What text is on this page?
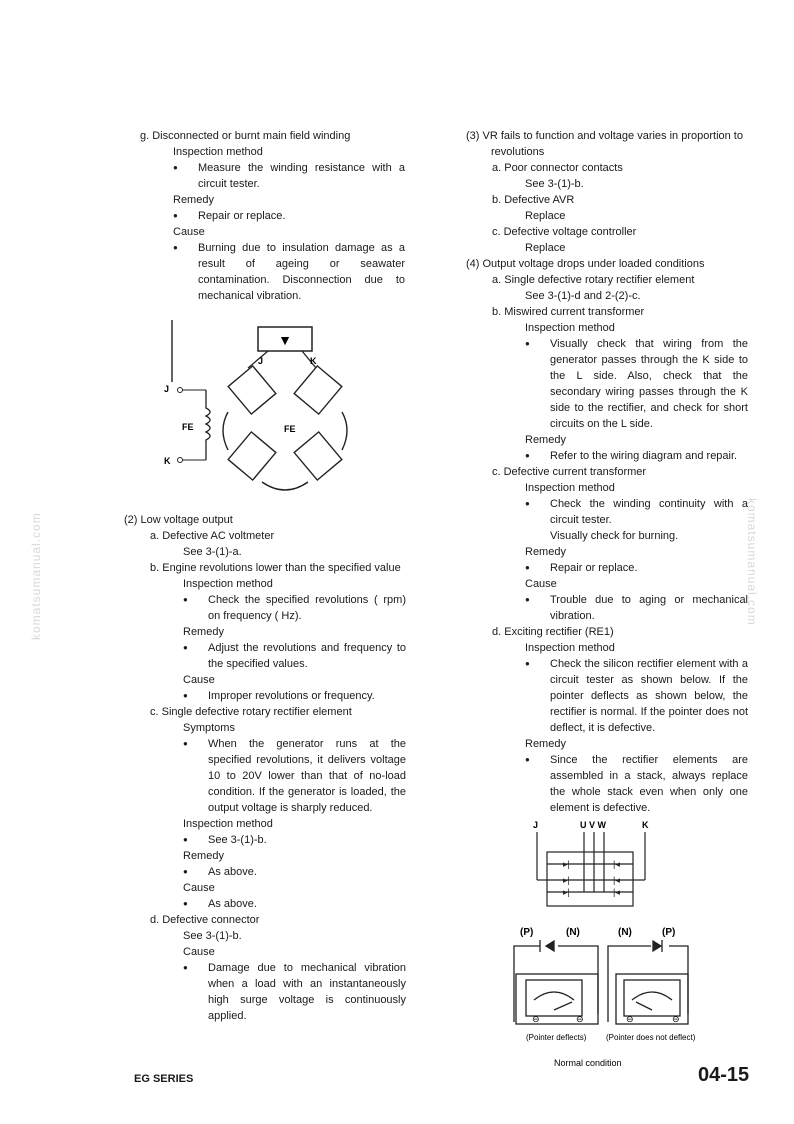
g. Disconnected or burnt main field winding

Inspection method

● Measure the winding resistance with a circuit tester.

Remedy

● Repair or replace.

Cause

● Burning due to insulation damage as a result of ageing or seawater contamination. Disconnection due to mechanical vibration.

▼
J	K
FE
J
K
FE

(2) Low voltage output

a. Defective AC voltmeter

See 3-(1)-a.

b. Engine revolutions lower than the specified value

Inspection method

● Check the specified revolutions ( rpm) on frequency ( Hz).

Remedy

● Adjust the revolutions and frequency to the specified values.

Cause

● Improper revolutions or frequency.

c. Single defective rotary rectifier element

Symptoms

● When the generator runs at the specified revolutions, it delivers voltage 10 to 20V lower than that of no-load condition. If the generator is loaded, the output voltage is sharply reduced.

Inspection method

● See 3-(1)-b.

Remedy

● As above.

Cause

● As above.

d. Defective connector

See 3-(1)-b.

Cause

● Damage due to mechanical vibration when a load with an instantaneously high surge voltage is continuously applied.

(3) VR fails to function and voltage varies in proportion to revolutions

a. Poor connector contacts

See 3-(1)-b.

b. Defective AVR

Replace

c. Defective voltage controller

Replace

(4) Output voltage drops under loaded conditions

a. Single defective rotary rectifier element

See 3-(1)-d and 2-(2)-c.

b. Miswired current transformer

Inspection method

● Visually check that wiring from the generator passes through the K side to the L side. Also, check that the secondary wiring passes through the K side to the rectifier, and check for short circuits on the L side.

Remedy

● Refer to the wiring diagram and repair.

c. Defective current transformer

Inspection method

● Check the winding continuity with a circuit tester.

Visually check for burning.

Remedy

● Repair or replace.

Cause

● Trouble due to aging or mechanical vibration.

d. Exciting rectifier (RE1)

Inspection method

● Check the silicon rectifier element with a circuit tester as shown below. If the pointer deflects as shown below, the rectifier is normal. If the pointer does not deflect, it is defective.

Remedy

● Since the rectifier elements are assembled in a stack, always replace the whole stack even when only one element is defective.

J	U V W	K
▸|	|◂
▸|	|◂
▸|	|◂
(P)	(N)	(N)	(P)
⊖	⊖	⊖	⊖
(Pointer deflects) (Pointer does not deflect)
Normal condition
komatsumanual.com	komatsumanual.com
EG SERIES	04-15
